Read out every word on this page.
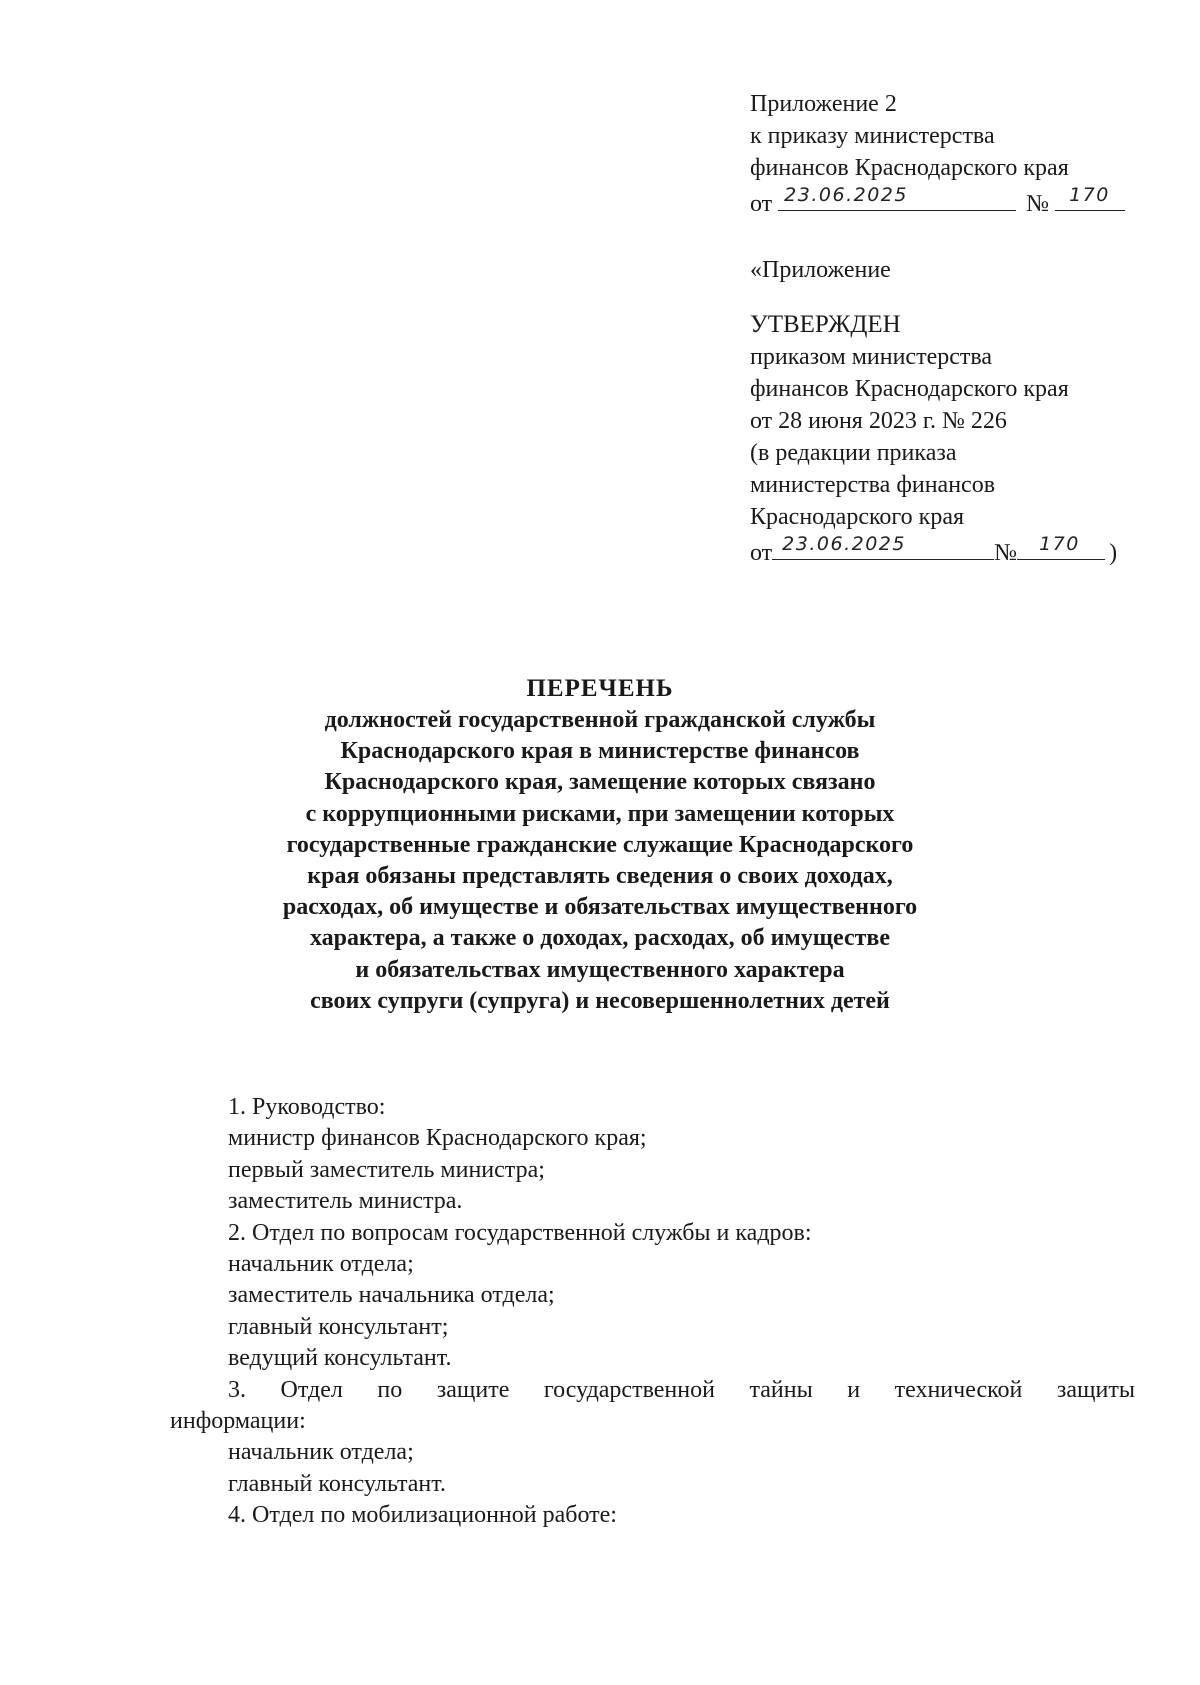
Приложение 2
к приказу министерства
финансов Краснодарского края
от 23.06.2025	№ 170
«Приложение
УТВЕРЖДЕН
приказом министерства
финансов Краснодарского края
от 28 июня 2023 г. № 226
(в редакции приказа
министерства финансов
Краснодарского края
от 23.06.2025	№ 170 )
ПЕРЕЧЕНЬ
должностей государственной гражданской службы
Краснодарского края в министерстве финансов
Краснодарского края, замещение которых связано
с коррупционными рисками, при замещении которых
государственные гражданские служащие Краснодарского
края обязаны представлять сведения о своих доходах,
расходах, об имуществе и обязательствах имущественного
характера, а также о доходах, расходах, об имуществе
и обязательствах имущественного характера
своих супруги (супруга) и несовершеннолетних детей
1. Руководство:
министр финансов Краснодарского края;
первый заместитель министра;
заместитель министра.
2. Отдел по вопросам государственной службы и кадров:
начальник отдела;
заместитель начальника отдела;
главный консультант;
ведущий консультант.
3. Отдел по защите государственной тайны и технической защиты
информации:
начальник отдела;
главный консультант.
4. Отдел по мобилизационной работе:
